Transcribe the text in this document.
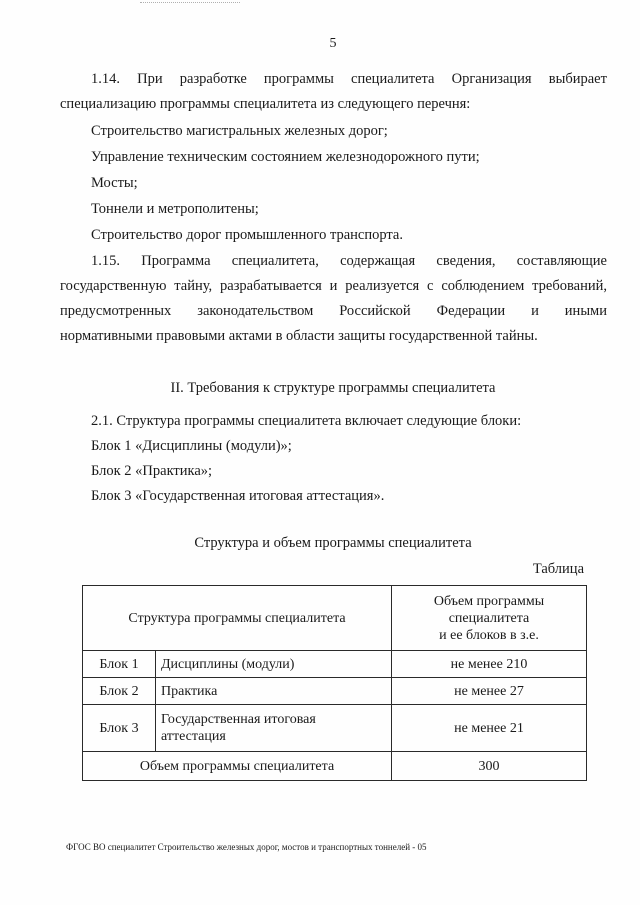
5
1.14. При разработке программы специалитета Организация выбирает
специализацию программы специалитета из следующего перечня:
Строительство магистральных железных дорог;
Управление техническим состоянием железнодорожного пути;
Мосты;
Тоннели и метрополитены;
Строительство дорог промышленного транспорта.
1.15. Программа специалитета, содержащая сведения, составляющие
государственную тайну, разрабатывается и реализуется с соблюдением требований,
предусмотренных законодательством Российской Федерации и иными
нормативными правовыми актами в области защиты государственной тайны.
II. Требования к структуре программы специалитета
2.1. Структура программы специалитета включает следующие блоки:
Блок 1 «Дисциплины (модули)»;
Блок 2 «Практика»;
Блок 3 «Государственная итоговая аттестация».
Структура и объем программы специалитета
Таблица
Структура программы специалитета		Объем программы
специалитета
и ее блоков в з.е.

Блок 1	Дисциплины (модули)	не менее 210
Блок 2	Практика	не менее 27
Блок 3	Государственная итоговая
аттестация	не менее 21
Объем программы специалитета		300
ФГОС ВО специалитет Строительство железных дорог, мостов и транспортных тоннелей - 05
